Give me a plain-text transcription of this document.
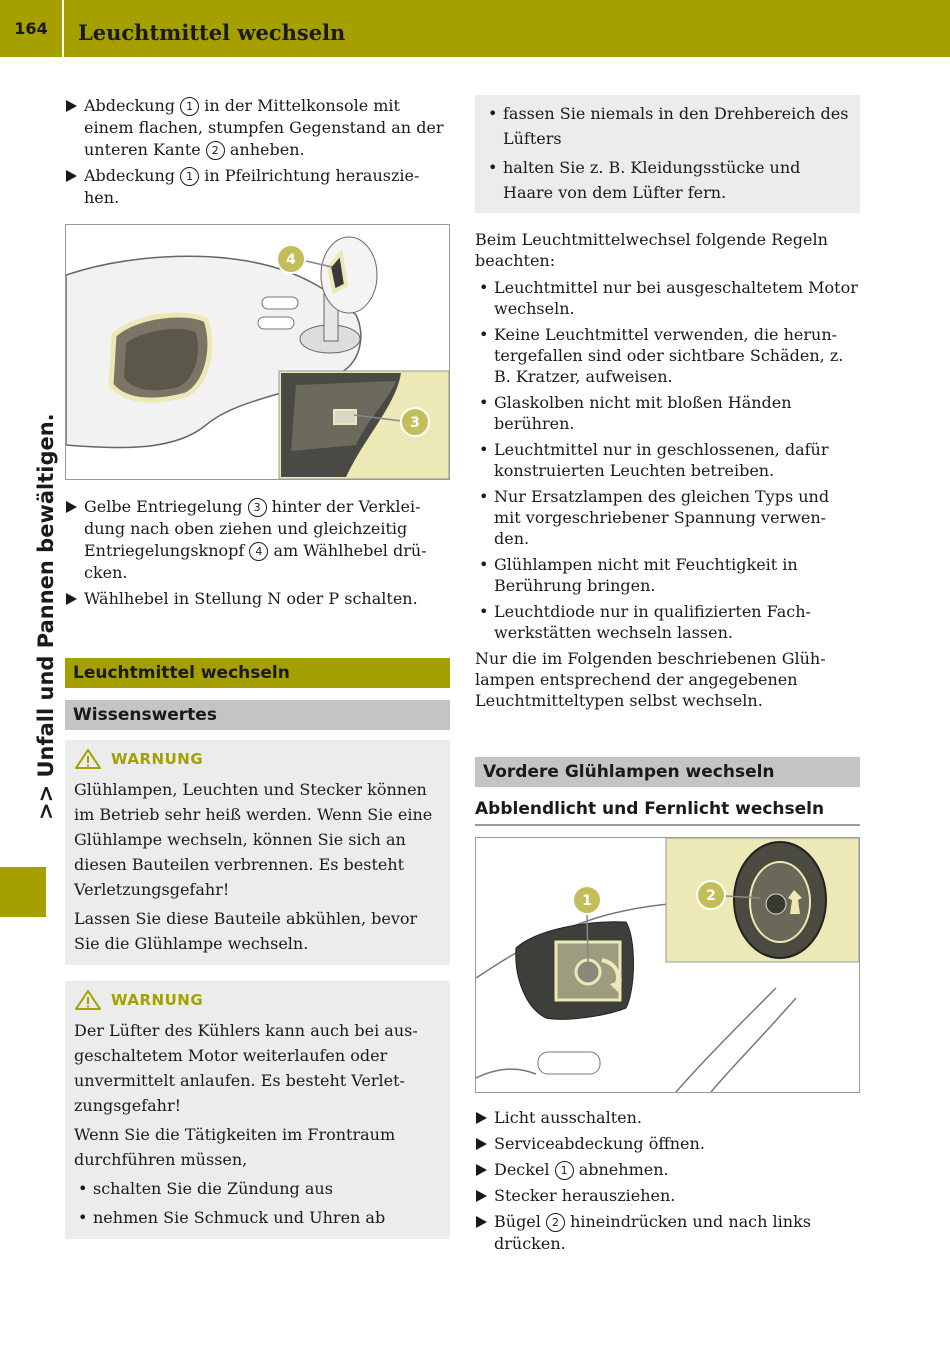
164	Leuchtmittel wechseln
>> Unfall und Pannen bewältigen.
Abdeckung 1 in der Mittelkonsole mit einem flachen, stumpfen Gegenstand an der unteren Kante 2 anheben.
Abdeckung 1 in Pfeilrichtung herauszie-hen.
4
3
Gelbe Entriegelung 3 hinter der Verklei-dung nach oben ziehen und gleichzeitig Entriegelungsknopf 4 am Wählhebel drü-cken.
Wählhebel in Stellung N oder P schalten.
Leuchtmittel wechseln
Wissenswertes
WARNUNG

Glühlampen, Leuchten und Stecker können im Betrieb sehr heiß werden. Wenn Sie eine Glühlampe wechseln, können Sie sich an diesen Bauteilen verbrennen. Es besteht Verletzungsgefahr!

Lassen Sie diese Bauteile abkühlen, bevor Sie die Glühlampe wechseln.

WARNUNG

Der Lüfter des Kühlers kann auch bei aus-geschaltetem Motor weiterlaufen oder unvermittelt anlaufen. Es besteht Verlet-zungsgefahr!

Wenn Sie die Tätigkeiten im Frontraum durchführen müssen,

• schalten Sie die Zündung aus
• nehmen Sie Schmuck und Uhren ab
• fassen Sie niemals in den Drehbereich des Lüfters
• halten Sie z. B. Kleidungsstücke und Haare von dem Lüfter fern.

Beim Leuchtmittelwechsel folgende Regeln beachten:

• Leuchtmittel nur bei ausgeschaltetem Motor wechseln.
• Keine Leuchtmittel verwenden, die herun-tergefallen sind oder sichtbare Schäden, z. B. Kratzer, aufweisen.
• Glaskolben nicht mit bloßen Händen berühren.
• Leuchtmittel nur in geschlossenen, dafür konstruierten Leuchten betreiben.
• Nur Ersatzlampen des gleichen Typs und mit vorgeschriebener Spannung verwen-den.
• Glühlampen nicht mit Feuchtigkeit in Berührung bringen.
• Leuchtdiode nur in qualifizierten Fach-werkstätten wechseln lassen.

Nur die im Folgenden beschriebenen Glüh-lampen entsprechend der angegebenen Leuchtmitteltypen selbst wechseln.

Vordere Glühlampen wechseln
Abblendlicht und Fernlicht wechseln
1	2
Licht ausschalten.
Serviceabdeckung öffnen.
Deckel 1 abnehmen.
Stecker herausziehen.
Bügel 2 hineindrücken und nach links drücken.
